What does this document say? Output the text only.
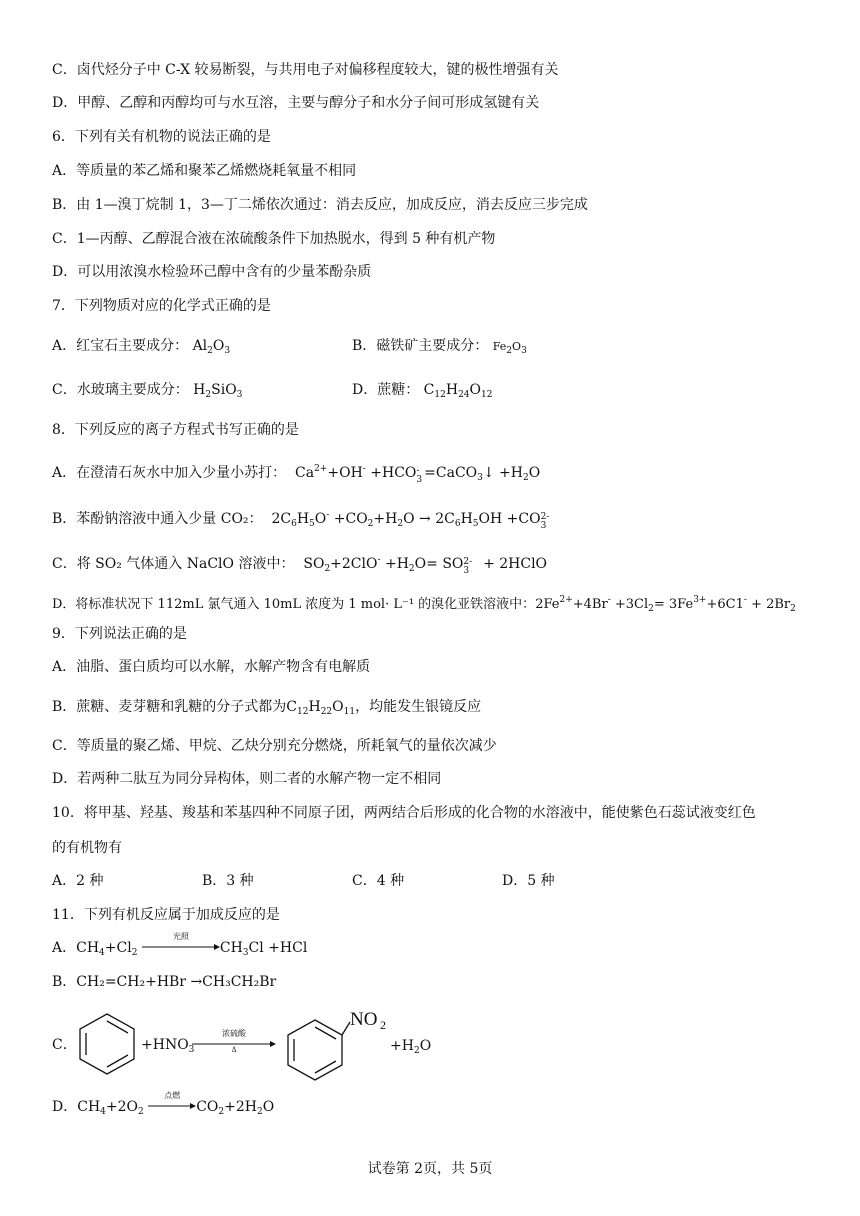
C．卤代烃分子中 C-X 较易断裂，与共用电子对偏移程度较大，键的极性增强有关
D．甲醇、乙醇和丙醇均可与水互溶，主要与醇分子和水分子间可形成氢键有关
6．下列有关有机物的说法正确的是
A．等质量的苯乙烯和聚苯乙烯燃烧耗氧量不相同
B．由 1—溴丁烷制 1，3—丁二烯依次通过：消去反应，加成反应，消去反应三步完成
C．1—丙醇、乙醇混合液在浓硫酸条件下加热脱水，得到 5 种有机产物
D．可以用浓溴水检验环己醇中含有的少量苯酚杂质
7．下列物质对应的化学式正确的是
A．红宝石主要成分： $Al_2O_3$	B．磁铁矿主要成分： $Fe_2O_3$
C．水玻璃主要成分： $H_2SiO_3$	D．蔗糖： $C_{12}H_{24}O_{12}$
8．下列反应的离子方程式书写正确的是
A．在澄清石灰水中加入少量小苏打：  $Ca^{2+}+OH^- +HCO$ -
3 =CaCO$_3$↓ $+H_2O$
B．苯酚钠溶液中通入少量 CO₂：  $2C_6H_5O^- +CO_2+H_2O \to 2C_6H_5OH +CO$ 2-
3
C．将 SO₂ 气体通入 NaClO 溶液中：  $SO_2+2ClO^- +H_2O=$ SO 2-
3 + 2HClO
D．将标准状况下 112mL 氯气通入 10mL 浓度为 1 mol· L⁻¹ 的溴化亚铁溶液中：$2Fe^{2+}+4Br^- +3Cl_2= 3Fe^{3+}+6C1^- + 2Br_2$
9．下列说法正确的是
A．油脂、蛋白质均可以水解，水解产物含有电解质
B．蔗糖、麦芽糖和乳糖的分子式都为$C_{12}H_{22}O_{11}$，均能发生银镜反应
C．等质量的聚乙烯、甲烷、乙炔分别充分燃烧，所耗氧气的量依次减少
D．若两种二肽互为同分异构体，则二者的水解产物一定不相同
10．将甲基、羟基、羧基和苯基四种不同原子团，两两结合后形成的化合物的水溶液中，能使紫色石蕊试液变红色
的有机物有
A．2 种	B．3 种	C．4 种	D．5 种
11．下列有机反应属于加成反应的是
A．$CH_4+Cl_2$
光照
$CH_3Cl +HCl$
B．CH₂=CH₂+HBr →CH₃CH₂Br
C．	$+HNO_3$
浓硫酸
Δ
NO 2
$+H_2O$
D．$CH_4+2O_2$
点燃
$CO_2+2H_2O$
试卷第 2页，共 5页
